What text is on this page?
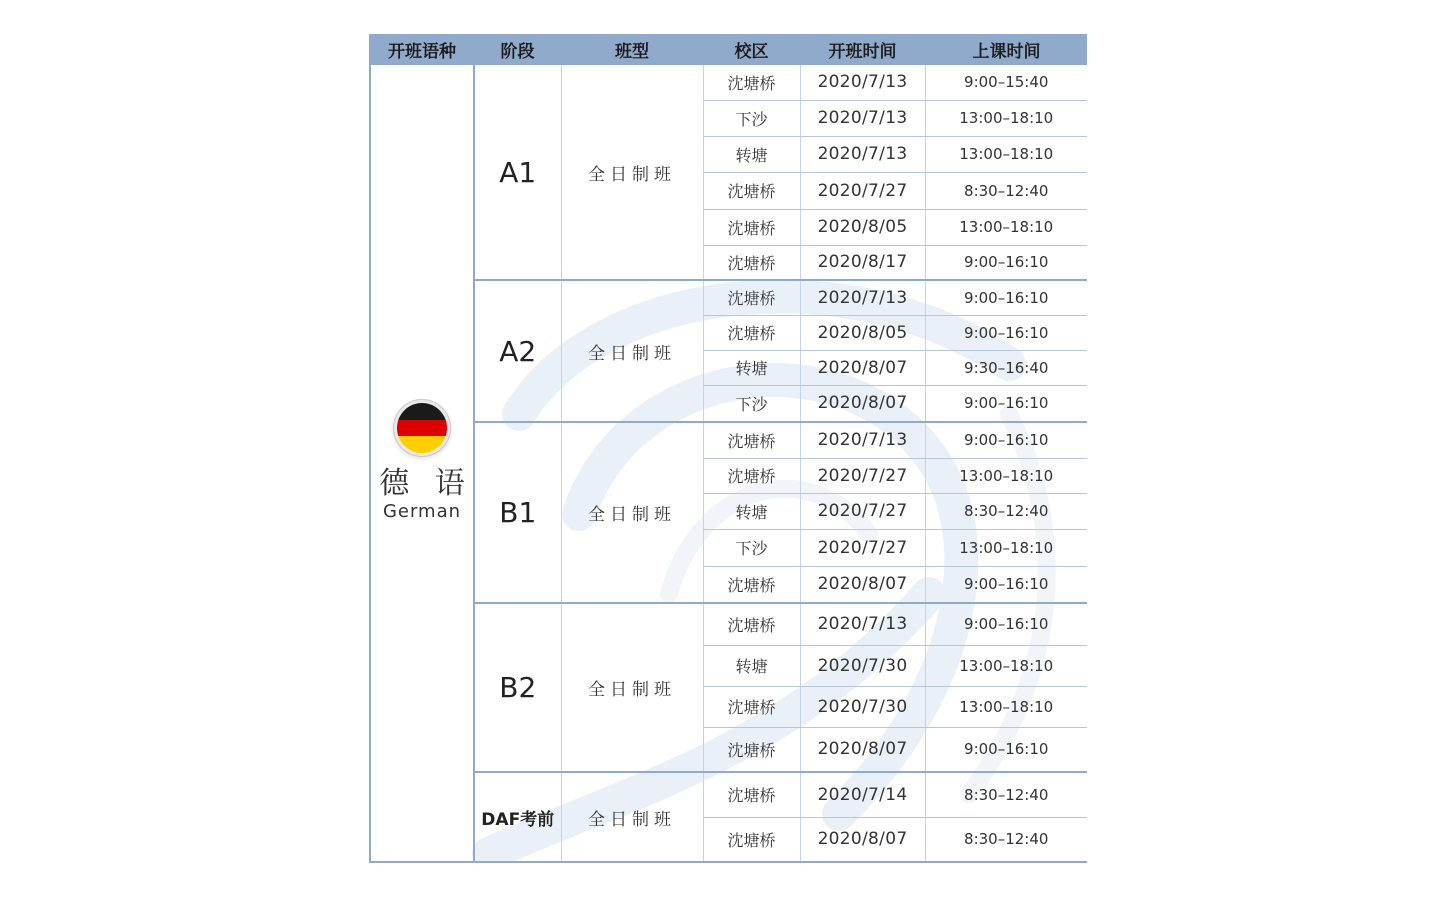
开班语种	阶段	班型	校区	开班时间	上课时间

德 语
German	A1	全日制班	沈塘桥	2020/7/13	9:00–15:40
			下沙	2020/7/13	13:00–18:10
			转塘	2020/7/13	13:00–18:10
			沈塘桥	2020/7/27	8:30–12:40
			沈塘桥	2020/8/05	13:00–18:10
			沈塘桥	2020/8/17	9:00–16:10
	A2	全日制班	沈塘桥	2020/7/13	9:00–16:10
			沈塘桥	2020/8/05	9:00–16:10
			转塘	2020/8/07	9:30–16:40
			下沙	2020/8/07	9:00–16:10
	B1	全日制班	沈塘桥	2020/7/13	9:00–16:10
			沈塘桥	2020/7/27	13:00–18:10
			转塘	2020/7/27	8:30–12:40
			下沙	2020/7/27	13:00–18:10
			沈塘桥	2020/8/07	9:00–16:10
	B2	全日制班	沈塘桥	2020/7/13	9:00–16:10
			转塘	2020/7/30	13:00–18:10
			沈塘桥	2020/7/30	13:00–18:10
			沈塘桥	2020/8/07	9:00–16:10
	DAF考前	全日制班	沈塘桥	2020/7/14	8:30–12:40
			沈塘桥	2020/8/07	8:30–12:40
